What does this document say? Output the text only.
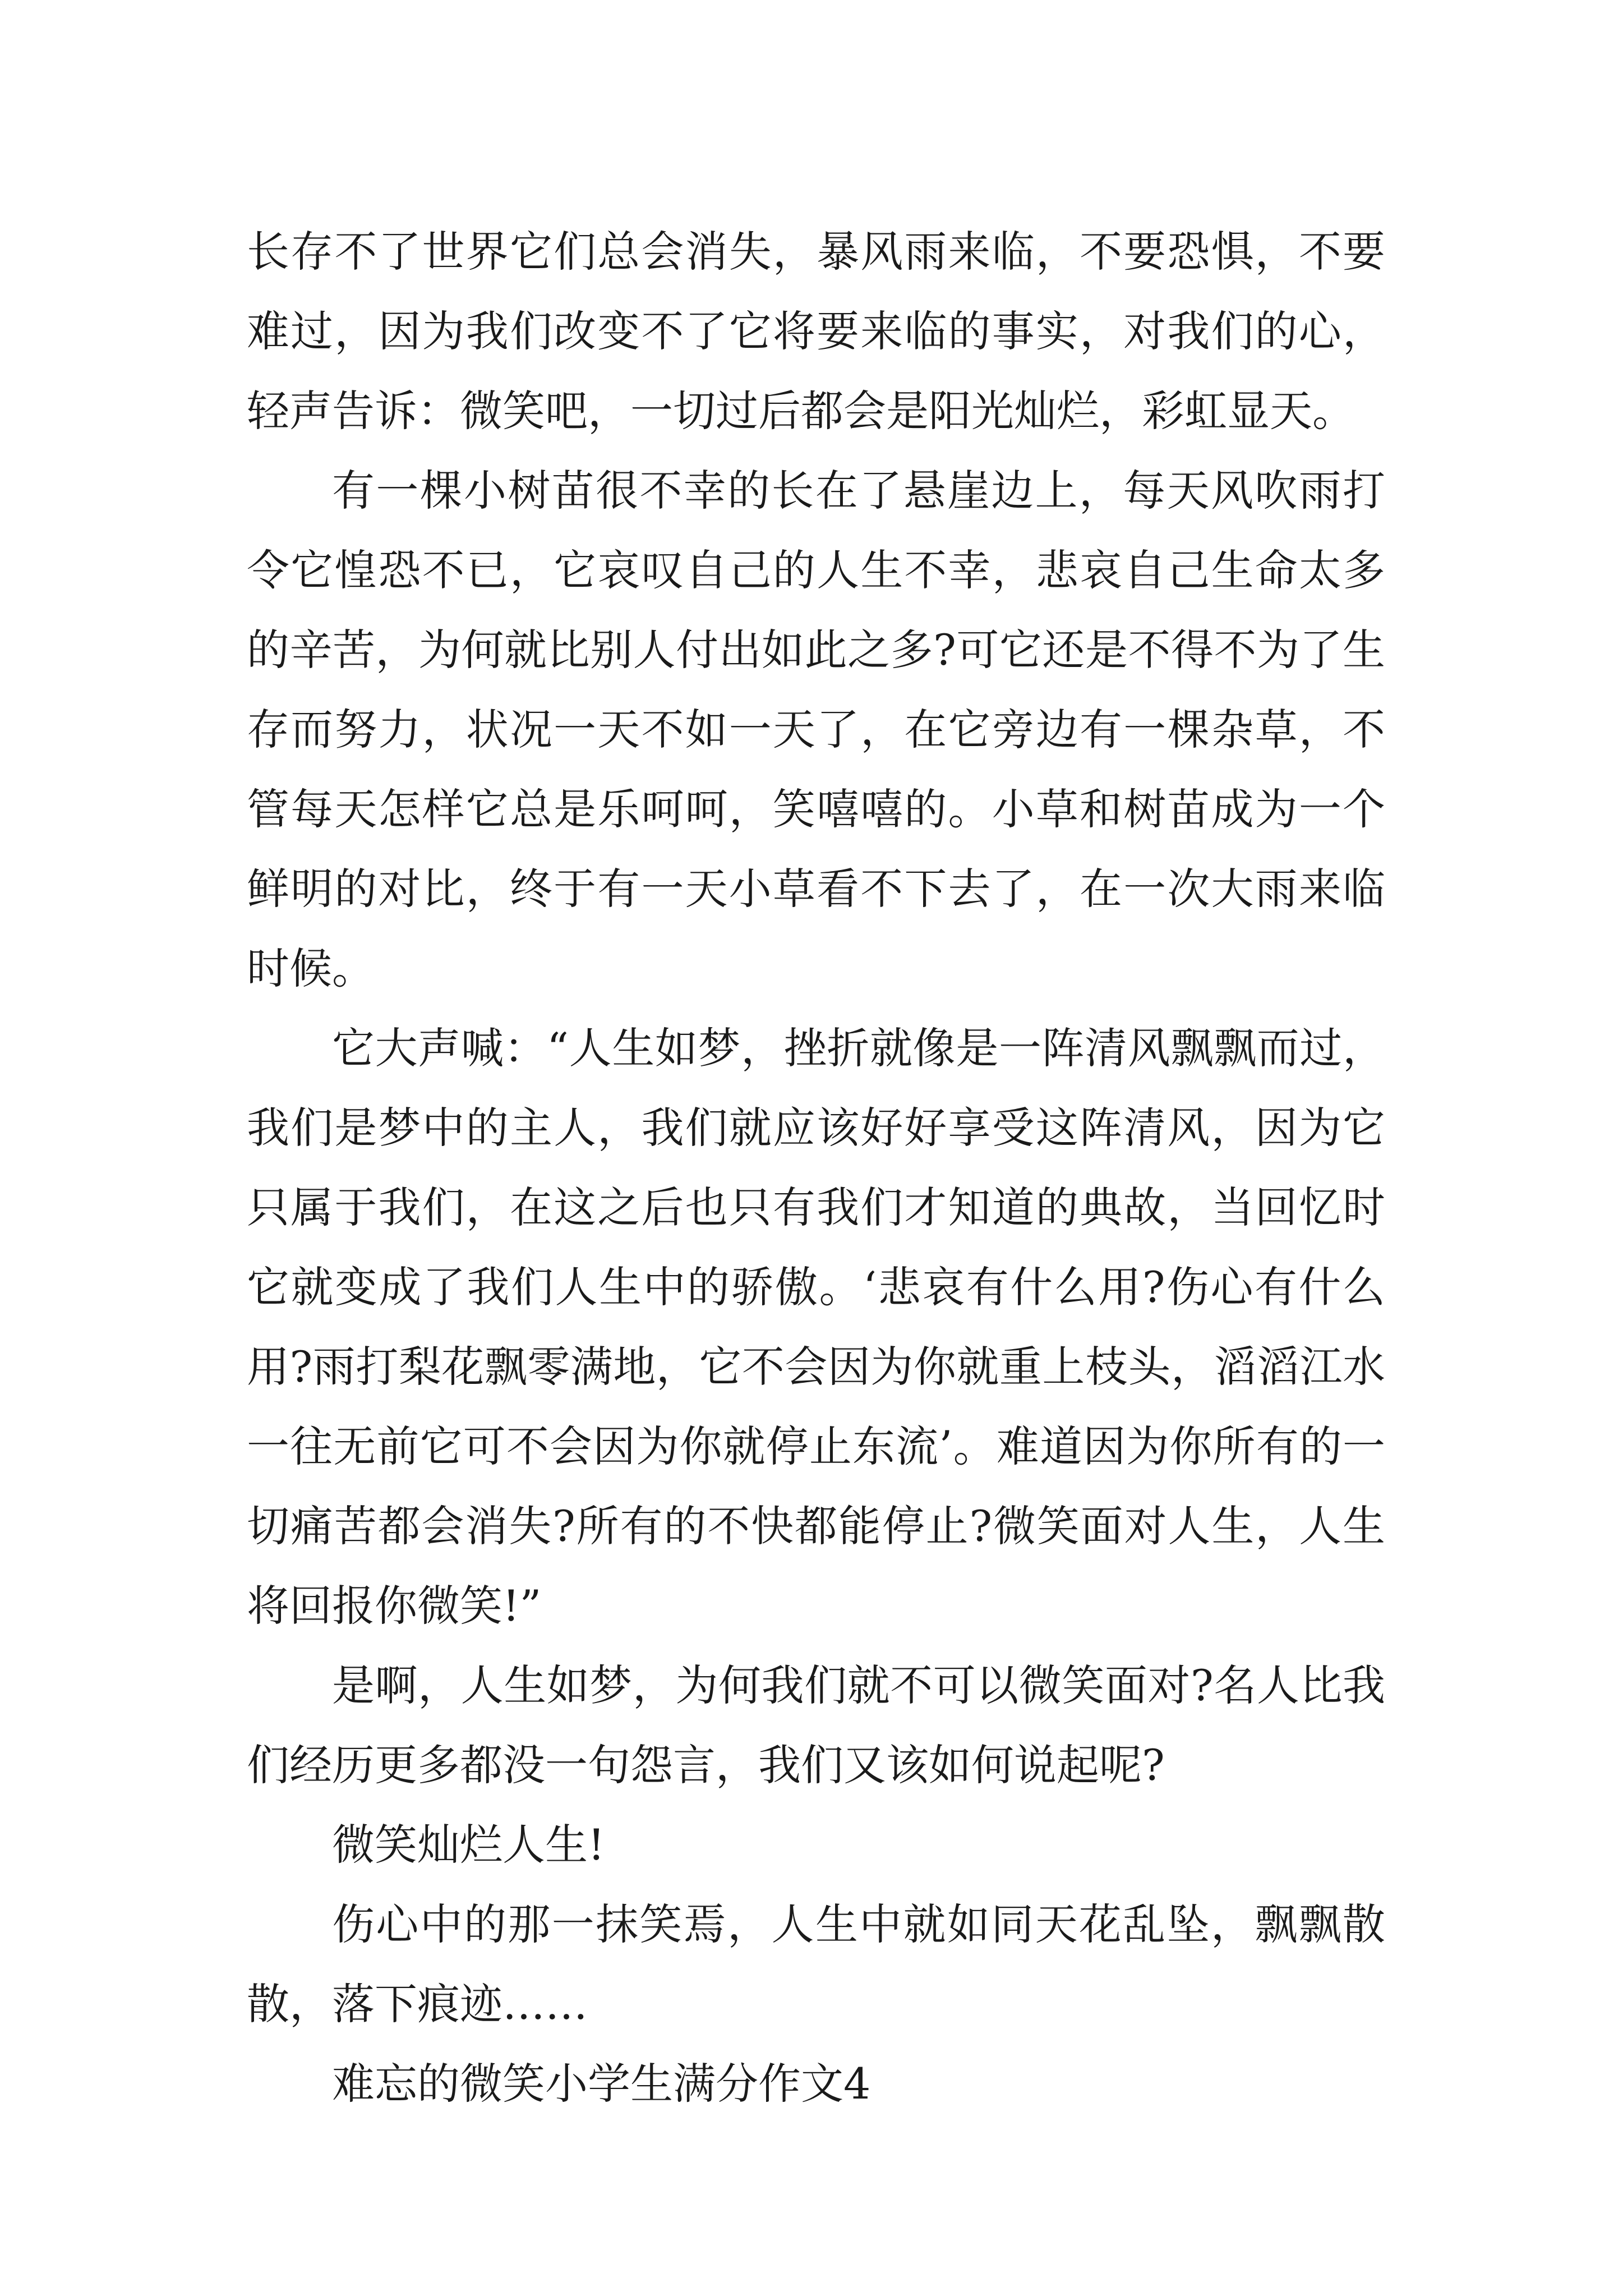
长存不了世界它们总会消失，暴风雨来临，不要恐惧，不要难过，因为我们改变不了它将要来临的事实，对我们的心，轻声告诉：微笑吧，一切过后都会是阳光灿烂，彩虹显天。

有一棵小树苗很不幸的长在了悬崖边上，每天风吹雨打令它惶恐不已，它哀叹自己的人生不幸，悲哀自己生命太多的辛苦，为何就比别人付出如此之多?可它还是不得不为了生存而努力，状况一天不如一天了，在它旁边有一棵杂草，不管每天怎样它总是乐呵呵，笑嘻嘻的。小草和树苗成为一个鲜明的对比，终于有一天小草看不下去了，在一次大雨来临时候。

它大声喊：“人生如梦，挫折就像是一阵清风飘飘而过，我们是梦中的主人，我们就应该好好享受这阵清风，因为它只属于我们，在这之后也只有我们才知道的典故，当回忆时它就变成了我们人生中的骄傲。‘悲哀有什么用?伤心有什么用?雨打梨花飘零满地，它不会因为你就重上枝头，滔滔江水一往无前它可不会因为你就停止东流’。难道因为你所有的一切痛苦都会消失?所有的不快都能停止?微笑面对人生，人生将回报你微笑!”

是啊，人生如梦，为何我们就不可以微笑面对?名人比我们经历更多都没一句怨言，我们又该如何说起呢?

微笑灿烂人生!

伤心中的那一抹笑焉，人生中就如同天花乱坠，飘飘散散，落下痕迹……

难忘的微笑小学生满分作文4
